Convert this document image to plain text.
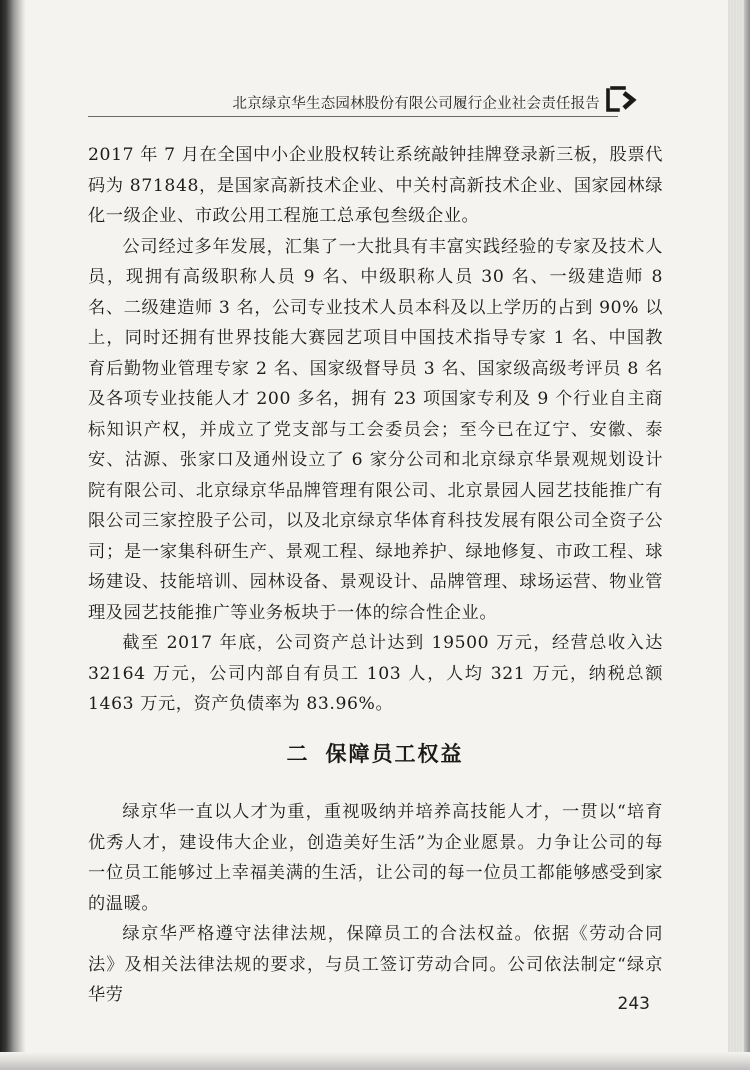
北京绿京华生态园林股份有限公司履行企业社会责任报告

2017 年 7 月在全国中小企业股权转让系统敲钟挂牌登录新三板，股票代码为 871848，是国家高新技术企业、中关村高新技术企业、国家园林绿化一级企业、市政公用工程施工总承包叁级企业。

公司经过多年发展，汇集了一大批具有丰富实践经验的专家及技术人员，现拥有高级职称人员 9 名、中级职称人员 30 名、一级建造师 8 名、二级建造师 3 名，公司专业技术人员本科及以上学历的占到 90% 以上，同时还拥有世界技能大赛园艺项目中国技术指导专家 1 名、中国教育后勤物业管理专家 2 名、国家级督导员 3 名、国家级高级考评员 8 名及各项专业技能人才 200 多名，拥有 23 项国家专利及 9 个行业自主商标知识产权，并成立了党支部与工会委员会；至今已在辽宁、安徽、泰安、沽源、张家口及通州设立了 6 家分公司和北京绿京华景观规划设计院有限公司、北京绿京华品牌管理有限公司、北京景园人园艺技能推广有限公司三家控股子公司，以及北京绿京华体育科技发展有限公司全资子公司；是一家集科研生产、景观工程、绿地养护、绿地修复、市政工程、球场建设、技能培训、园林设备、景观设计、品牌管理、球场运营、物业管理及园艺技能推广等业务板块于一体的综合性企业。

截至 2017 年底，公司资产总计达到 19500 万元，经营总收入达 32164 万元，公司内部自有员工 103 人，人均 321 万元，纳税总额 1463 万元，资产负债率为 83.96%。

二 保障员工权益

绿京华一直以人才为重，重视吸纳并培养高技能人才，一贯以“培育优秀人才，建设伟大企业，创造美好生活”为企业愿景。力争让公司的每一位员工能够过上幸福美满的生活，让公司的每一位员工都能够感受到家的温暖。

绿京华严格遵守法律法规，保障员工的合法权益。依据《劳动合同法》及相关法律法规的要求，与员工签订劳动合同。公司依法制定“绿京华劳	243
